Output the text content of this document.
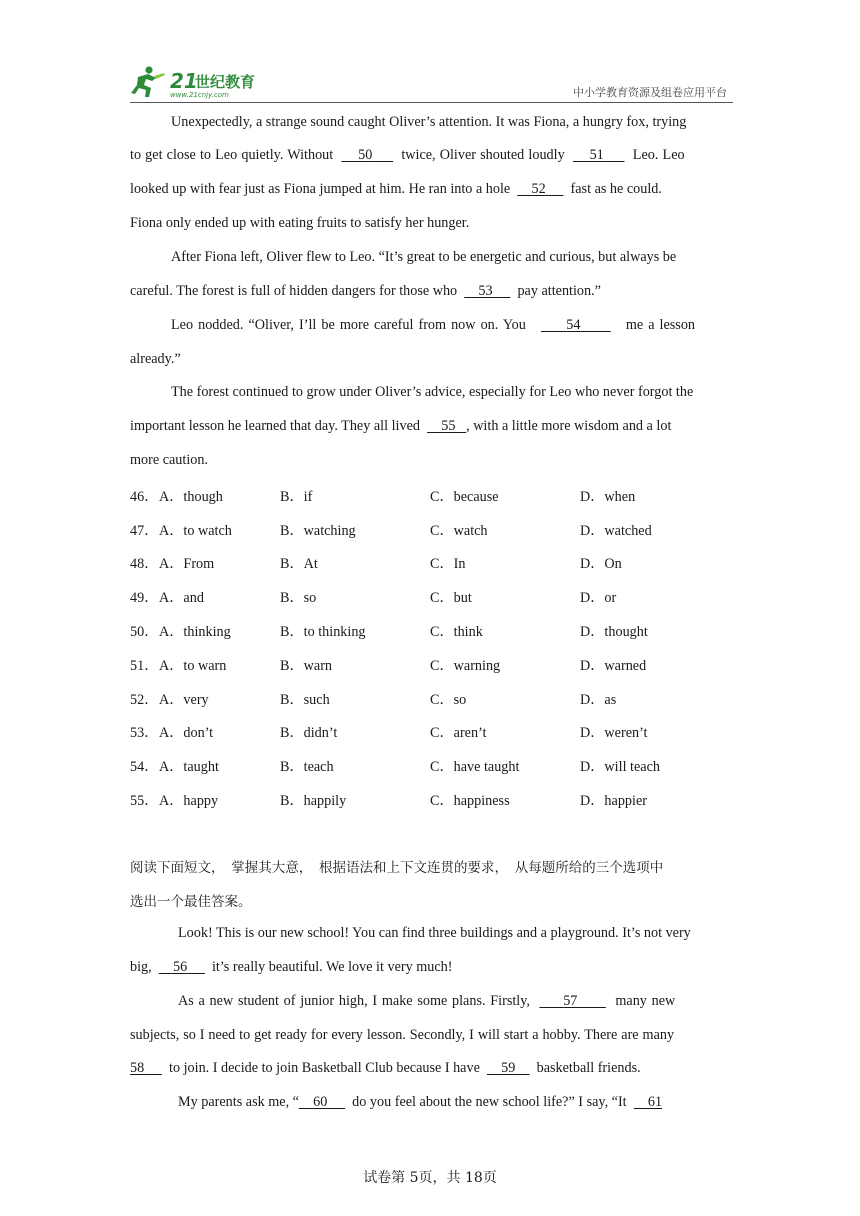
21
世纪教育
www.21cnjy.com	中小学教育资源及组卷应用平台
Unexpectedly, a strange sound caught Oliver’s attention. It was Fiona, a hungry fox, trying
to get close to Leo quietly. Without 50 twice, Oliver shouted loudly 51 Leo. Leo
looked up with fear just as Fiona jumped at him. He ran into a hole 52 fast as he could.
Fiona only ended up with eating fruits to satisfy her hunger.
After Fiona left, Oliver flew to Leo. “It’s great to be energetic and curious, but always be
careful. The forest is full of hidden dangers for those who 53 pay attention.”
Leo nodded. “Oliver, I’ll be more careful from now on. You	54	me a lesson
already.”
The forest continued to grow under Oliver’s advice, especially for Leo who never forgot the
important lesson he learned that day. They all lived 55 , with a little more wisdom and a lot
more caution.
46． A．though	B．if	C．because	D．when
47． A．to watch	B．watching	C．watch	D．watched
48． A．From	B．At	C．In	D．On
49． A．and	B．so	C．but	D．or
50． A．thinking	B．to thinking	C．think	D．thought
51． A．to warn	B．warn	C．warning	D．warned
52． A．very	B．such	C．so	D．as
53． A．don’t	B．didn’t	C．aren’t	D．weren’t
54． A．taught	B．teach	C．have taught	D．will teach
55． A．happy	B．happily	C．happiness	D．happier
阅读下面短文，　掌握其大意，　根据语法和上下文连贯的要求，　从每题所给的三个选项中
选出一个最佳答案。
Look! This is our new school! You can find three buildings and a playground. It’s not very
big, 56 it’s really beautiful. We love it very much!
As a new student of junior high, I make some plans. Firstly, 57	many new
subjects, so I need to get ready for every lesson. Secondly, I will start a hobby. There are many
58 to join. I decide to join Basketball Club because I have 59 basketball friends.
My parents ask me, “ 60 do you feel about the new school life?” I say, “It 61
试卷第 5页，共 18页
